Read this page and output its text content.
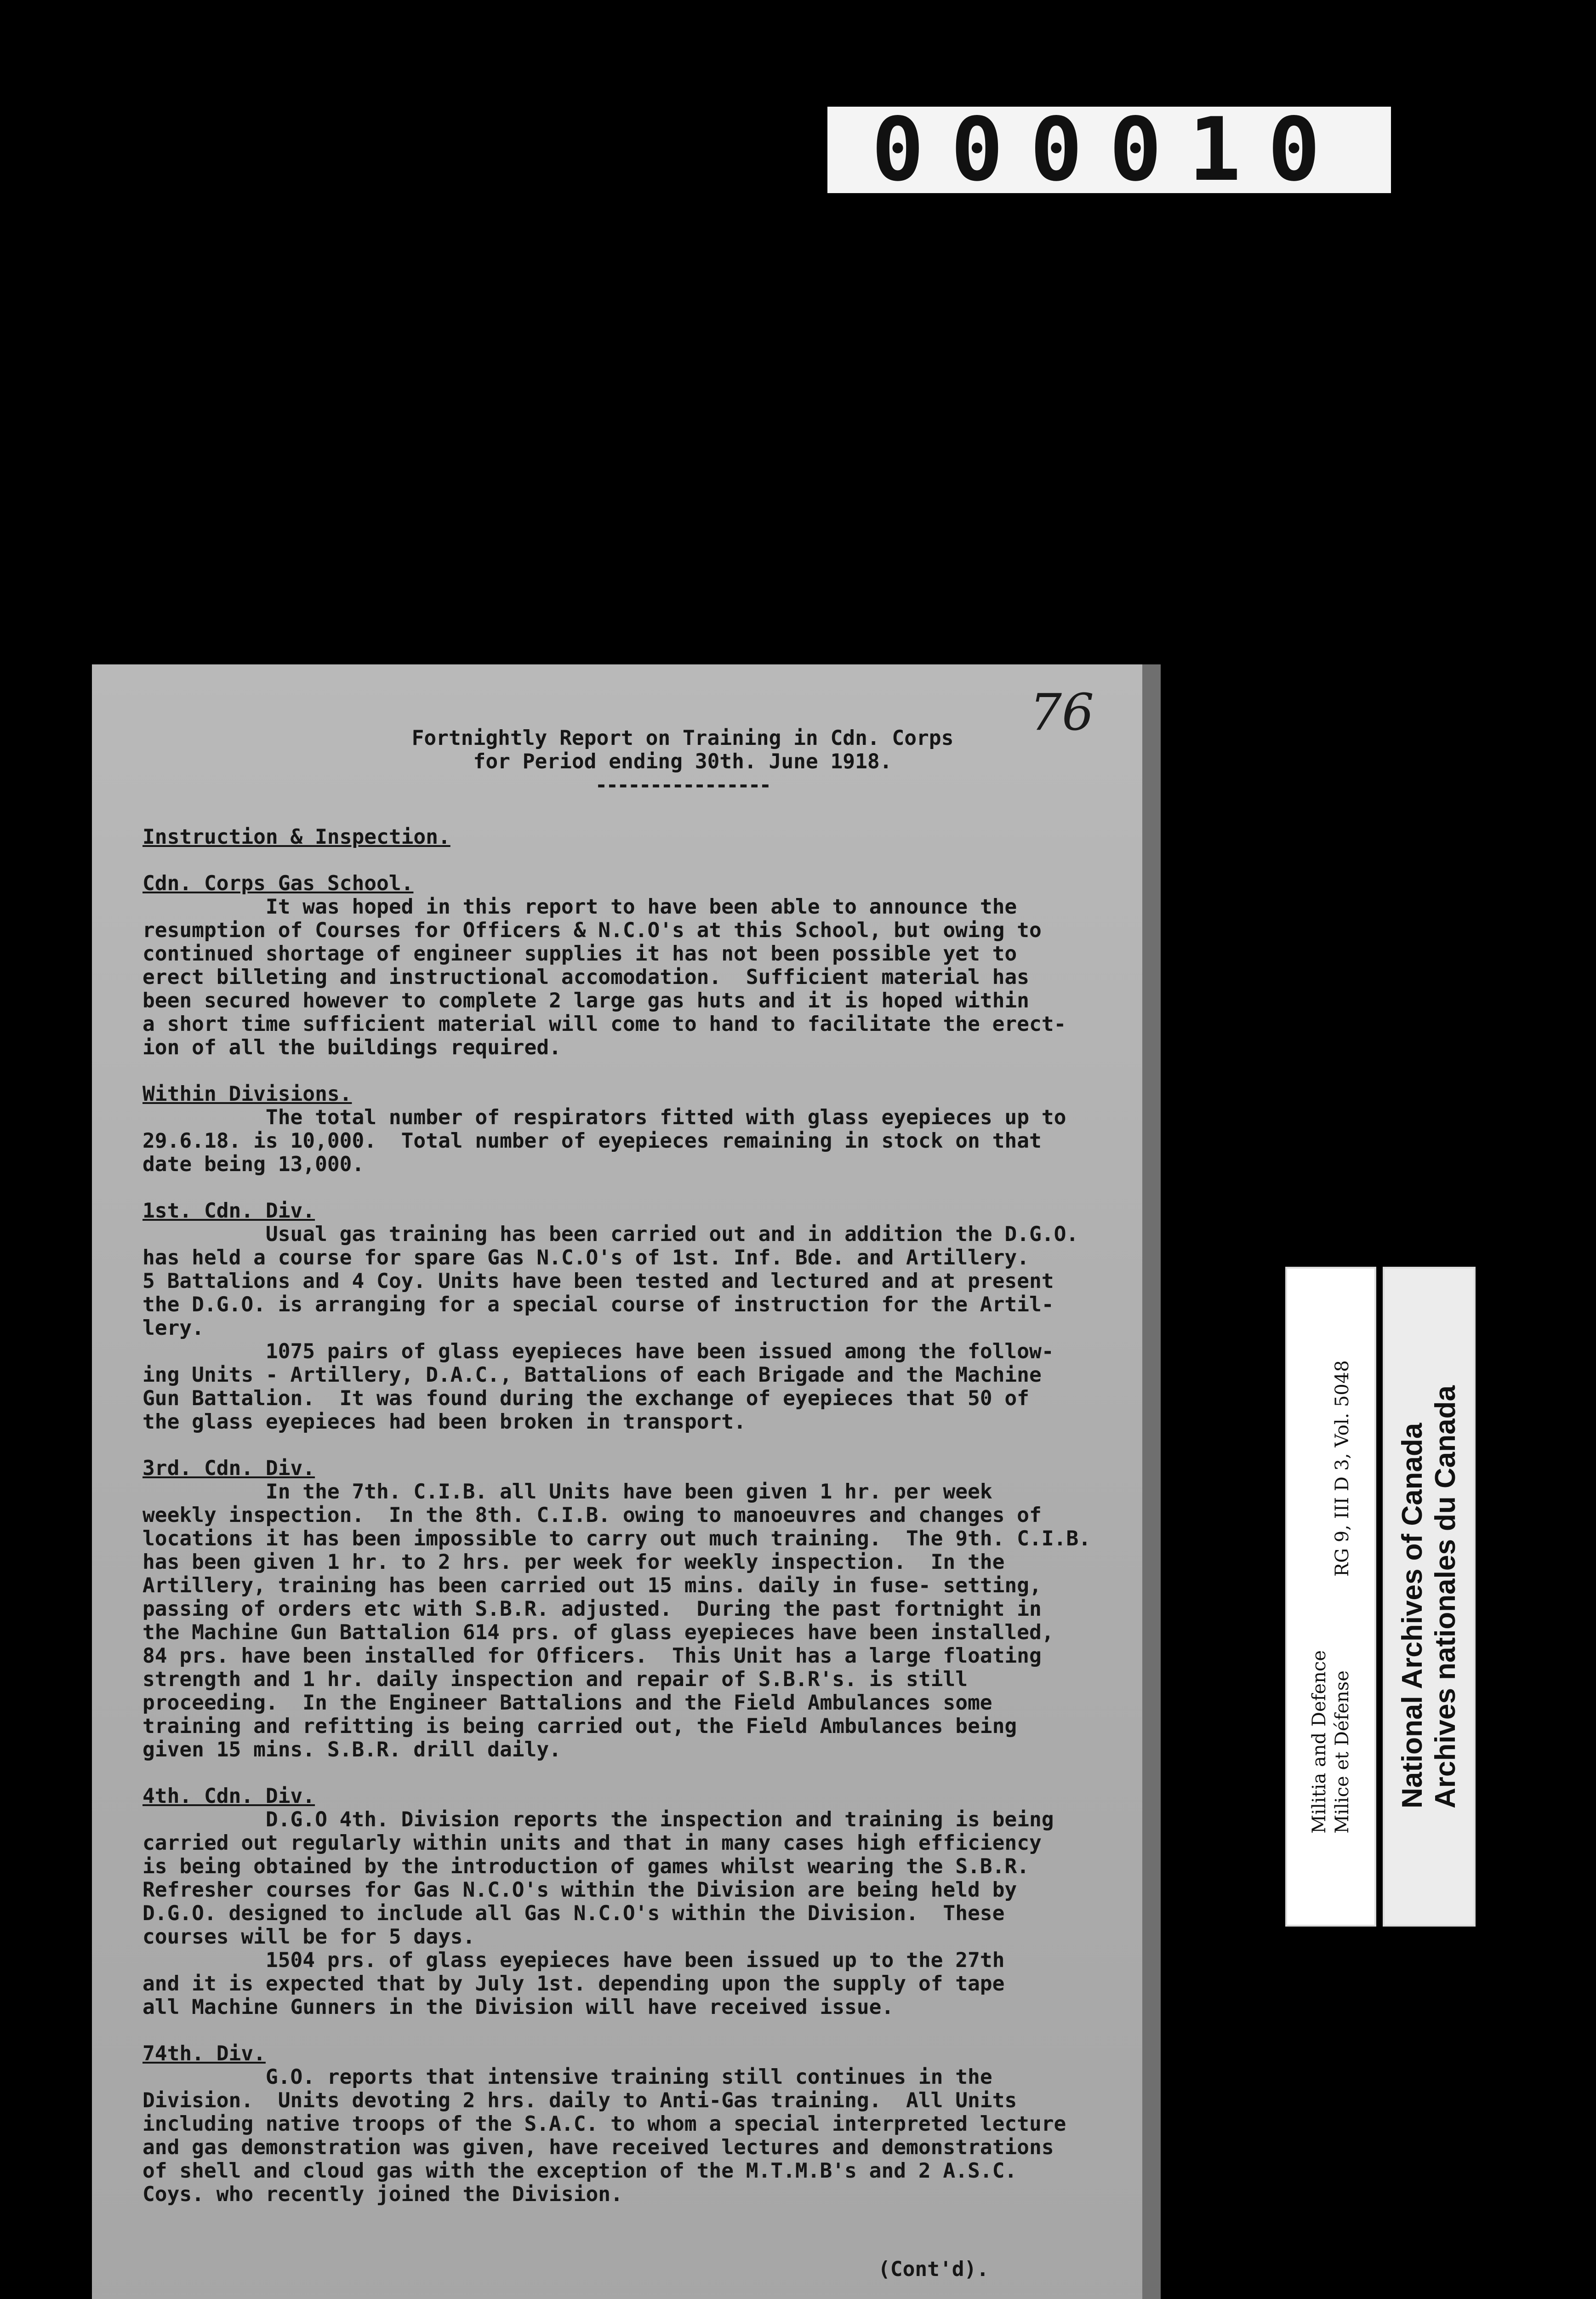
000010
76

Fortnightly Report on Training in Cdn. Corps

for Period ending 30th. June 1918.

----------------

Instruction & Inspection.

Cdn. Corps Gas School.

It was hoped in this report to have been able to announce the
resumption of Courses for Officers & N.C.O's at this School, but owing to
continued shortage of engineer supplies it has not been possible yet to
erect billeting and instructional accomodation.  Sufficient material has
been secured however to complete 2 large gas huts and it is hoped within
a short time sufficient material will come to hand to facilitate the erect-
ion of all the buildings required.

Within Divisions.

The total number of respirators fitted with glass eyepieces up to
29.6.18. is 10,000.  Total number of eyepieces remaining in stock on that
date being 13,000.

1st. Cdn. Div.

Usual gas training has been carried out and in addition the D.G.O.
has held a course for spare Gas N.C.O's of 1st. Inf. Bde. and Artillery.
5 Battalions and 4 Coy. Units have been tested and lectured and at present
the D.G.O. is arranging for a special course of instruction for the Artil-
lery.

1075 pairs of glass eyepieces have been issued among the follow-
ing Units - Artillery, D.A.C., Battalions of each Brigade and the Machine
Gun Battalion.  It was found during the exchange of eyepieces that 50 of
the glass eyepieces had been broken in transport.

3rd. Cdn. Div.

In the 7th. C.I.B. all Units have been given 1 hr. per week
weekly inspection.  In the 8th. C.I.B. owing to manoeuvres and changes of
locations it has been impossible to carry out much training.  The 9th. C.I.B.
has been given 1 hr. to 2 hrs. per week for weekly inspection.  In the
Artillery, training has been carried out 15 mins. daily in fuse- setting,
passing of orders etc with S.B.R. adjusted.  During the past fortnight in
the Machine Gun Battalion 614 prs. of glass eyepieces have been installed,
84 prs. have been installed for Officers.  This Unit has a large floating
strength and 1 hr. daily inspection and repair of S.B.R's. is still
proceeding.  In the Engineer Battalions and the Field Ambulances some
training and refitting is being carried out, the Field Ambulances being
given 15 mins. S.B.R. drill daily.

4th. Cdn. Div.

D.G.O 4th. Division reports the inspection and training is being
carried out regularly within units and that in many cases high efficiency
is being obtained by the introduction of games whilst wearing the S.B.R.
Refresher courses for Gas N.C.O's within the Division are being held by
D.G.O. designed to include all Gas N.C.O's within the Division.  These
courses will be for 5 days.

1504 prs. of glass eyepieces have been issued up to the 27th
and it is expected that by July 1st. depending upon the supply of tape
all Machine Gunners in the Division will have received issue.

74th. Div.

G.O. reports that intensive training still continues in the
Division.  Units devoting 2 hrs. daily to Anti-Gas training.  All Units
including native troops of the S.A.C. to whom a special interpreted lecture
and gas demonstration was given, have received lectures and demonstrations
of shell and cloud gas with the exception of the M.T.M.B's and 2 A.S.C.
Coys. who recently joined the Division.

(Cont'd).

Militia and Defence Milice et Défense
RG 9, III D 3, Vol. 5048 National Archives of Canada Archives nationales du Canada
